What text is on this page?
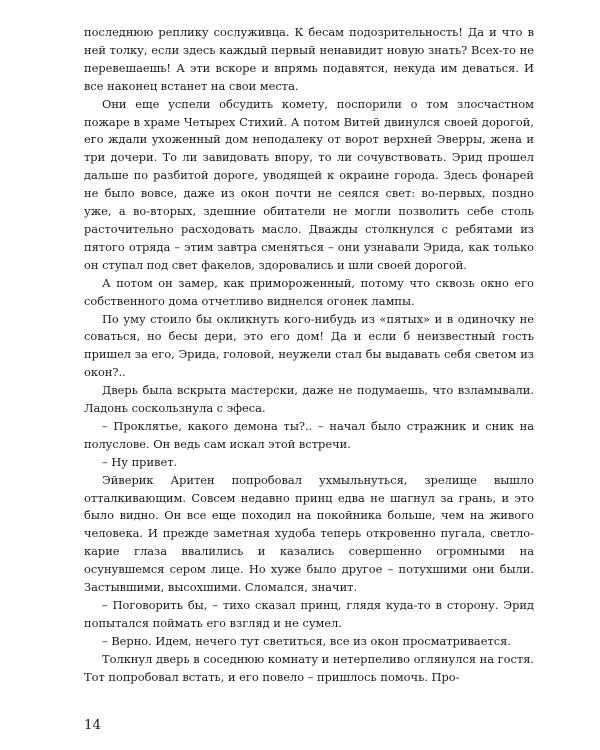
последнюю реплику сослуживца. К бесам подозрительность! Да и что в ней толку, если здесь каждый первый ненавидит новую знать? Всех-то не перевешаешь! А эти вскоре и впрямь подавятся, некуда им деваться. И все наконец встанет на свои места.

Они еще успели обсудить комету, поспорили о том злосчастном пожаре в храме Четырех Стихий. А потом Витей двинулся своей дорогой, его ждали ухоженный дом неподалеку от ворот верхней Эверры, жена и три дочери. То ли завидовать впору, то ли сочувствовать. Эрид прошел дальше по разбитой дороге, уводящей к окраине города. Здесь фонарей не было вовсе, даже из окон почти не сеялся свет: во-первых, поздно уже, а во-вторых, здешние обитатели не могли позволить себе столь расточительно расходовать масло. Дважды столкнулся с ребятами из пятого отряда – этим завтра сменяться – они узнавали Эрида, как только он ступал под свет факелов, здоровались и шли своей дорогой.

А потом он замер, как примороженный, потому что сквозь окно его собственного дома отчетливо виднелся огонек лампы.

По уму стоило бы окликнуть кого-нибудь из «пятых» и в одиночку не соваться, но бесы дери, это его дом! Да и если б неизвестный гость пришел за его, Эрида, головой, неужели стал бы выдавать себя светом из окон?..

Дверь была вскрыта мастерски, даже не подумаешь, что взламывали. Ладонь соскользнула с эфеса.

– Проклятье, какого демона ты?.. – начал было стражник и сник на полуслове. Он ведь сам искал этой встречи.

– Ну привет.

Эйверик Аритен попробовал ухмыльнуться, зрелище вышло отталкивающим. Совсем недавно принц едва не шагнул за грань, и это было видно. Он все еще походил на покойника больше, чем на живого человека. И прежде заметная худоба теперь откровенно пугала, светло-карие глаза ввалились и казались совершенно огромными на осунувшемся сером лице. Но хуже было другое – потухшими они были. Застывшими, высохшими. Сломался, значит.

– Поговорить бы, – тихо сказал принц, глядя куда-то в сторону. Эрид попытался поймать его взгляд и не сумел.

– Верно. Идем, нечего тут светиться, все из окон просматривается.

Толкнул дверь в соседнюю комнату и нетерпеливо оглянулся на гостя. Тот попробовал встать, и его повело – пришлось помочь. Про-

14
